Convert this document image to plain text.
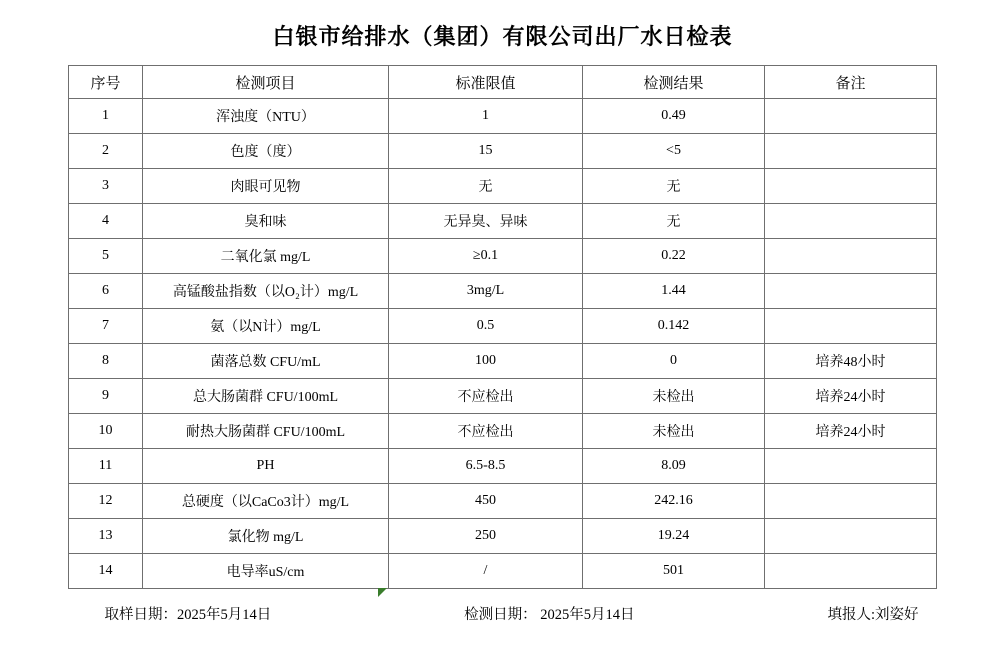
白银市给排水（集团）有限公司出厂水日检表
序号	检测项目	标准限值	检测结果	备注
1	浑浊度（NTU）	1	0.49	
2	色度（度）	15	<5	
3	肉眼可见物	无	无	
4	臭和味	无异臭、异味	无	
5	二氧化氯 mg/L	≥0.1	0.22	
6	高锰酸盐指数（以O₂计）mg/L	3mg/L	1.44	
7	氨（以N计）mg/L	0.5	0.142	
8	菌落总数 CFU/mL	100	0	培养48小时
9	总大肠菌群 CFU/100mL	不应检出	未检出	培养24小时
10	耐热大肠菌群 CFU/100mL	不应检出	未检出	培养24小时
11	PH	6.5-8.5	8.09	
12	总硬度（以CaCo3计）mg/L	450	242.16	
13	氯化物 mg/L	250	19.24	
14	电导率uS/cm	/	501	
取样日期：2025年5月14日	检测日期： 2025年5月14日	填报人:刘姿好
